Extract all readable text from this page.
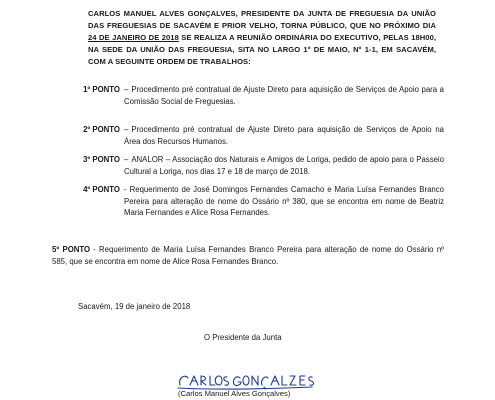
CARLOS MANUEL ALVES GONÇALVES, PRESIDENTE DA JUNTA DE FREGUESIA DA UNIÃO DAS FREGUESIAS DE SACAVÉM E PRIOR VELHO, TORNA PÚBLICO, QUE NO PRÓXIMO DIA 24 DE JANEIRO DE 2018 SE REALIZA A REUNIÃO ORDINÁRIA DO EXECUTIVO, PELAS 18H00, NA SEDE DA UNIÃO DAS FREGUESIA, SITA NO LARGO 1º DE MAIO, Nº 1-1, EM SACAVÉM, COM A SEGUINTE ORDEM DE TRABALHOS:
1º PONTO – Procedimento pré contratual de Ajuste Direto para aquisição de Serviços de Apoio para a Comissão Social de Freguesias.
2º PONTO – Procedimento pré contratual de Ajuste Direto para aquisição de Serviços de Apoio na Área dos Recursos Humanos.
3º PONTO – ANALOR – Associação dos Naturais e Amigos de Loriga, pedido de apoio para o Passeio Cultural a Loriga, nos dias 17 e 18 de março de 2018.
4º PONTO - Requerimento de José Domingos Fernandes Camacho e Maria Luísa Fernandes Branco Pereira para alteração de nome do Ossário nº 380, que se encontra em nome de Beatriz Maria Fernandes e Alice Rosa Fernandes.
5º PONTO - Requerimento de Maria Luísa Fernandes Branco Pereira para alteração de nome do Ossário nº 585, que se encontra em nome de Alice Rosa Fernandes Branco.
Sacavém, 19 de janeiro de 2018
O Presidente da Junta
(Carlos Manuel Alves Gonçalves)
